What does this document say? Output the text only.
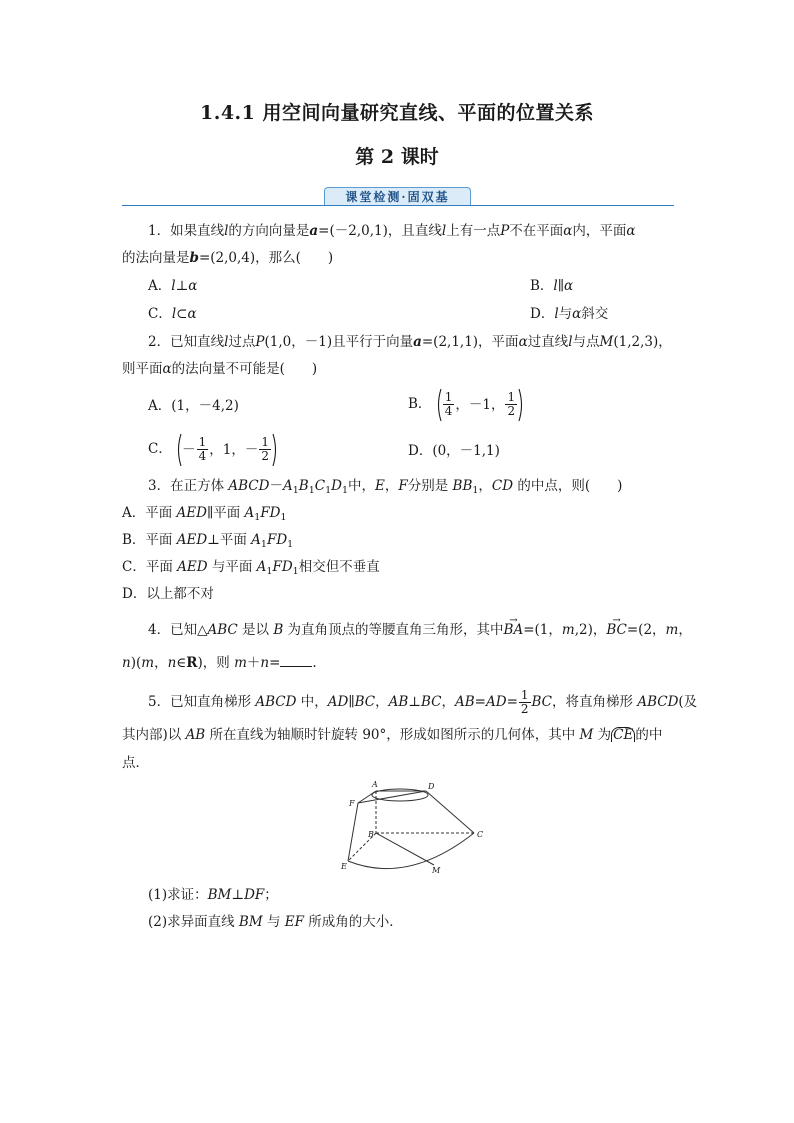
1.4.1 用空间向量研究直线、平面的位置关系
第 2 课时
课堂检测·固双基
1．如果直线l的方向向量是a=(－2,0,1)，且直线l上有一点P不在平面α内，平面α
的法向量是b=(2,0,4)，那么(　　)
A．l⊥α	B．l∥α
C．l⊂α	D．l与α斜交
2．已知直线l过点P(1,0，－1)且平行于向量a=(2,1,1)，平面α过直线l与点M(1,2,3)，
则平面α的法向量不可能是(　　)
A．(1，－4,2)	B． $\frac{1}{4}$ ，－1， $\frac{1}{2}$
C． － $\frac{1}{4}$ ，1，－ $\frac{1}{2}$	D．(0，－1,1)
3．在正方体 $ABCD-A_1B_1C_1D_1$中，E，F分别是 $BB_1$，CD 的中点，则(　　)
A．平面 AED∥平面 $A_1FD_1$
B．平面 AED⊥平面 $A_1FD_1$
C．平面 AED 与平面 $A_1FD_1$相交但不垂直
D．以上都不对
4．已知△ABC 是以 B 为直角顶点的等腰直角三角形，其中→ BA=(1，m,2)，→ BC=(2，m，
n)(m，n∈R)，则 m＋n= .
5．已知直角梯形 ABCD 中，AD∥BC，AB⊥BC，$AB=AD= \frac{1}{2}$ BC，将直角梯形 ABCD(及
其内部)以 AB 所在直线为轴顺时针旋转 90°，形成如图所示的几何体，其中 M 为 CE 的中
点．
A	D
F
B	C
E	M
(1)求证：BM⊥DF；
(2)求异面直线 BM 与 EF 所成角的大小．
